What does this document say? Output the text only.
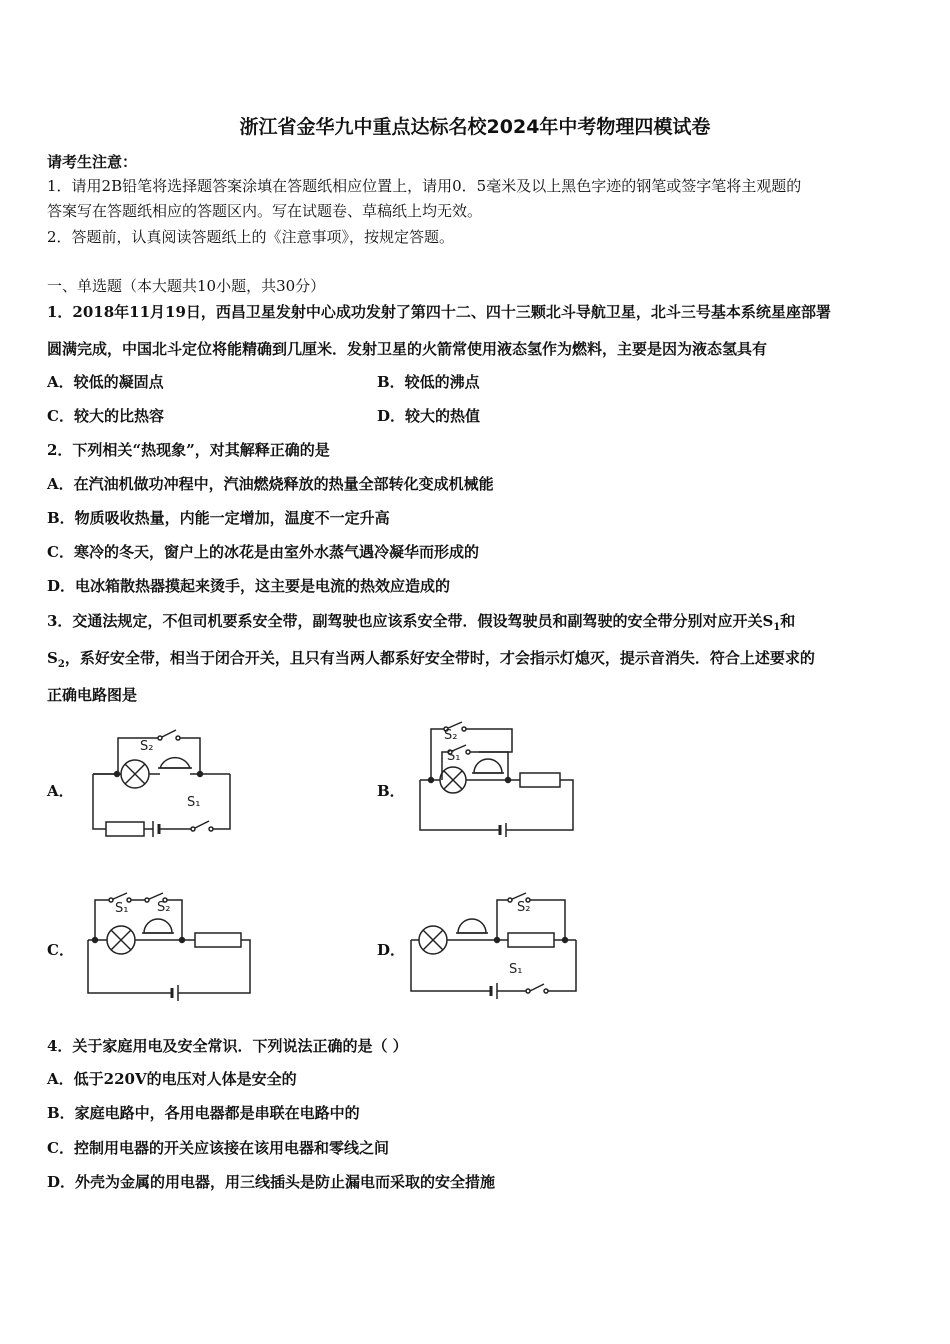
浙江省金华九中重点达标名校2024年中考物理四模试卷
请考生注意：
1．请用2B铅笔将选择题答案涂填在答题纸相应位置上，请用0．5毫米及以上黑色字迹的钢笔或签字笔将主观题的
答案写在答题纸相应的答题区内。写在试题卷、草稿纸上均无效。
2．答题前，认真阅读答题纸上的《注意事项》，按规定答题。
一、单选题（本大题共10小题，共30分）
1．2018年11月19日，西昌卫星发射中心成功发射了第四十二、四十三颗北斗导航卫星，北斗三号基本系统星座部署
圆满完成，中国北斗定位将能精确到几厘米．发射卫星的火箭常使用液态氢作为燃料，主要是因为液态氢具有
A．较低的凝固点	B．较低的沸点
C．较大的比热容	D．较大的热值
2．下列相关“热现象”，对其解释正确的是
A．在汽油机做功冲程中，汽油燃烧释放的热量全部转化变成机械能
B．物质吸收热量，内能一定增加，温度不一定升高
C．寒冷的冬天，窗户上的冰花是由室外水蒸气遇冷凝华而形成的
D．电冰箱散热器摸起来烫手，这主要是电流的热效应造成的
3．交通法规定，不但司机要系安全带，副驾驶也应该系安全带．假设驾驶员和副驾驶的安全带分别对应开关$S_1$和
$S_2$，系好安全带，相当于闭合开关，且只有当两人都系好安全带时，才会指示灯熄灭，提示音消失．符合上述要求的
正确电路图是
A．	B．
C．	D．
S₂
S₁
S₂
S₁
S₁ S₂	S₂
S₁
4．关于家庭用电及安全常识．下列说法正确的是（ ）
A．低于220V的电压对人体是安全的
B．家庭电路中，各用电器都是串联在电路中的
C．控制用电器的开关应该接在该用电器和零线之间
D．外壳为金属的用电器，用三线插头是防止漏电而采取的安全措施
